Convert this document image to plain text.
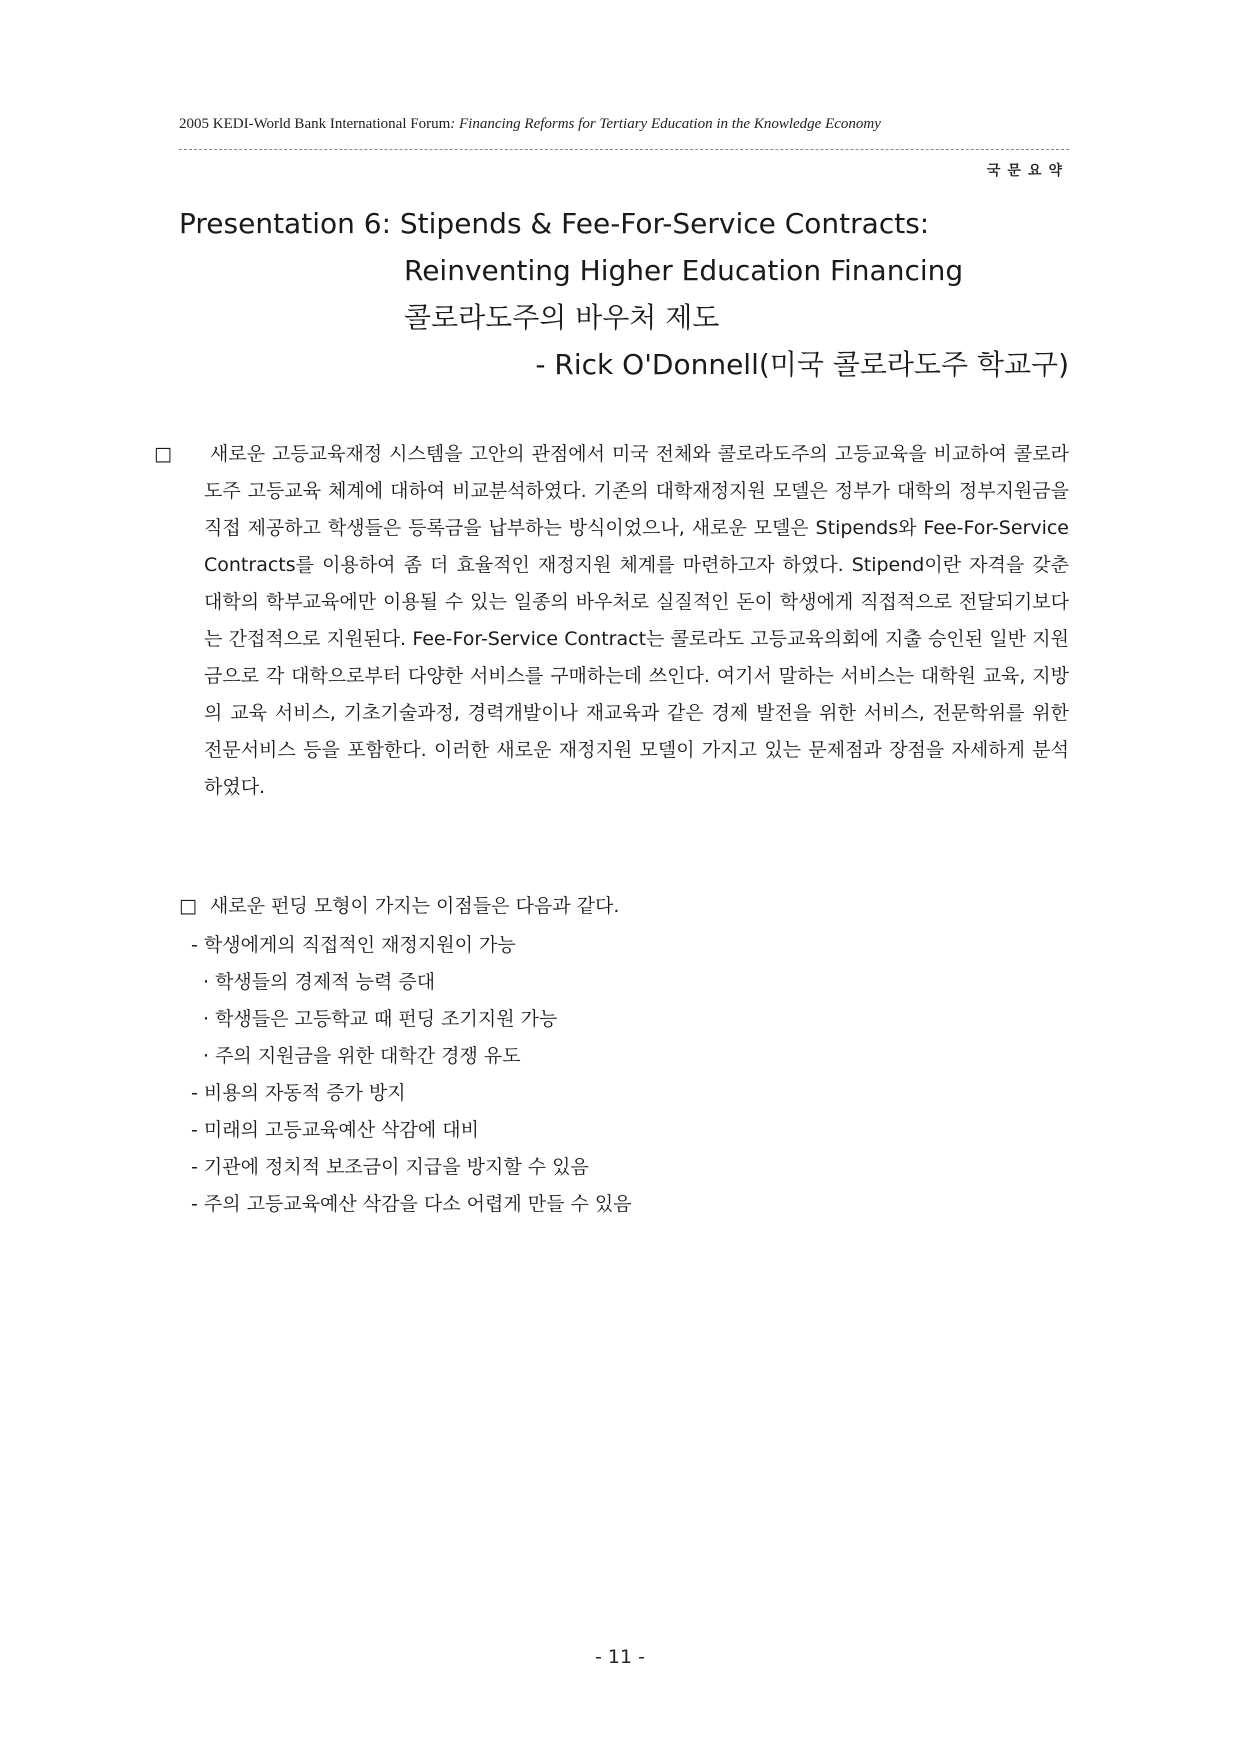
2005 KEDI-World Bank International Forum: Financing Reforms for Tertiary Education in the Knowledge Economy
국문요약
Presentation 6: Stipends & Fee-For-Service Contracts:
Reinventing Higher Education Financing
콜로라도주의 바우처 제도
- Rick O'Donnell(미국 콜로라도주 학교구)
□ 새로운 고등교육재정 시스템을 고안의 관점에서 미국 전체와 콜로라도주의 고등교육을 비교하여 콜로라도주 고등교육 체계에 대하여 비교분석하였다. 기존의 대학재정지원 모델은 정부가 대학의 정부지원금을 직접 제공하고 학생들은 등록금을 납부하는 방식이었으나, 새로운 모델은 Stipends와 Fee-For-Service Contracts를 이용하여 좀 더 효율적인 재정지원 체계를 마련하고자 하였다. Stipend이란 자격을 갖춘 대학의 학부교육에만 이용될 수 있는 일종의 바우처로 실질적인 돈이 학생에게 직접적으로 전달되기보다는 간접적으로 지원된다. Fee-For-Service Contract는 콜로라도 고등교육의회에 지출 승인된 일반 지원금으로 각 대학으로부터 다양한 서비스를 구매하는데 쓰인다. 여기서 말하는 서비스는 대학원 교육, 지방의 교육 서비스, 기초기술과정, 경력개발이나 재교육과 같은 경제 발전을 위한 서비스, 전문학위를 위한 전문서비스 등을 포함한다. 이러한 새로운 재정지원 모델이 가지고 있는 문제점과 장점을 자세하게 분석하였다.
□ 새로운 펀딩 모형이 가지는 이점들은 다음과 같다.
- 학생에게의 직접적인 재정지원이 가능
· 학생들의 경제적 능력 증대
· 학생들은 고등학교 때 펀딩 조기지원 가능
· 주의 지원금을 위한 대학간 경쟁 유도
- 비용의 자동적 증가 방지
- 미래의 고등교육예산 삭감에 대비
- 기관에 정치적 보조금이 지급을 방지할 수 있음
- 주의 고등교육예산 삭감을 다소 어렵게 만들 수 있음
- 11 -
